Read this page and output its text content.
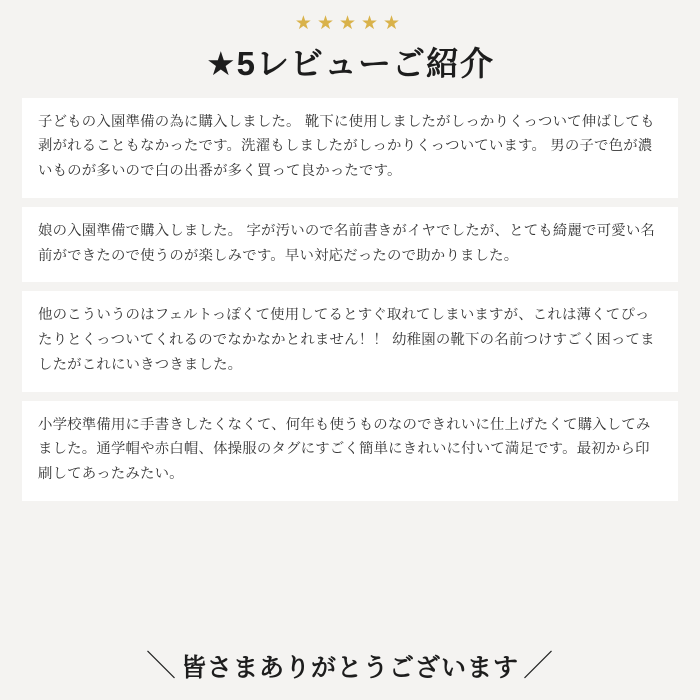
★★★★★
★5レビューご紹介

子どもの入園準備の為に購入しました。 靴下に使用しましたがしっかりくっついて伸ばしても剥がれることもなかったです。洗濯もしましたがしっかりくっついています。 男の子で色が濃いものが多いので白の出番が多く買って良かったです。

娘の入園準備で購入しました。 字が汚いので名前書きがイヤでしたが、とても綺麗で可愛い名前ができたので使うのが楽しみです。早い対応だったので助かりました。

他のこういうのはフェルトっぽくて使用してるとすぐ取れてしまいますが、これは薄くてぴったりとくっついてくれるのでなかなかとれません！！ 幼稚園の靴下の名前つけすごく困ってましたがこれにいきつきました。

小学校準備用に手書きしたくなくて、何年も使うものなのできれいに仕上げたくて購入してみました。通学帽や赤白帽、体操服のタグにすごく簡単にきれいに付いて満足です。最初から印刷してあったみたい。

＼ 皆さまありがとうございます ／
